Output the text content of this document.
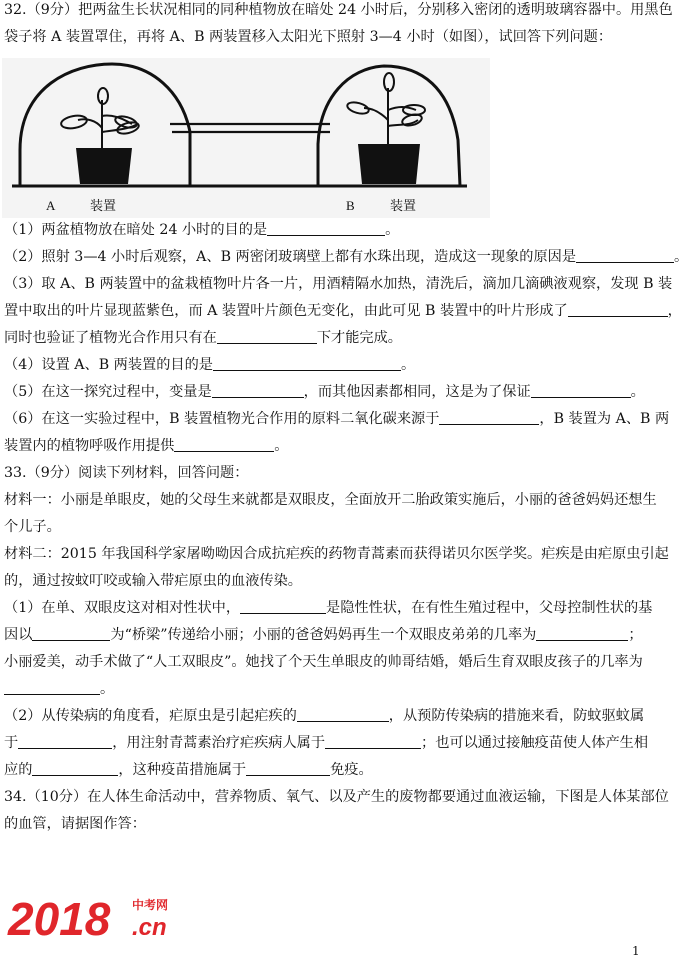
32.（9分）把两盆生长状况相同的同种植物放在暗处 24 小时后，分别移入密闭的透明玻璃容器中。用黑色
袋子将 A 装置罩住，再将 A、B 两装置移入太阳光下照射 3—4 小时（如图），试回答下列问题：
A	装置	B	装置
（1）两盆植物放在暗处 24 小时的目的是	。
（2）照射 3—4 小时后观察，A、B 两密闭玻璃壁上都有水珠出现，造成这一现象的原因是	。
（3）取 A、B 两装置中的盆栽植物叶片各一片，用酒精隔水加热，清洗后，滴加几滴碘液观察，发现 B 装
置中取出的叶片显现蓝紫色，而 A 装置叶片颜色无变化，由此可见 B 装置中的叶片形成了	，
同时也验证了植物光合作用只有在	下才能完成。
（4）设置 A、B 两装置的目的是	。
（5）在这一探究过程中，变量是	，而其他因素都相同，这是为了保证	。
（6）在这一实验过程中，B 装置植物光合作用的原料二氧化碳来源于	，B 装置为 A、B 两
装置内的植物呼吸作用提供	。
33.（9分）阅读下列材料，回答问题：
材料一：小丽是单眼皮，她的父母生来就都是双眼皮，全面放开二胎政策实施后，小丽的爸爸妈妈还想生
个儿子。
材料二：2015 年我国科学家屠呦呦因合成抗疟疾的药物青蒿素而获得诺贝尔医学奖。疟疾是由疟原虫引起
的，通过按蚊叮咬或输入带疟原虫的血液传染。
（1）在单、双眼皮这对相对性状中，	是隐性性状，在有性生殖过程中，父母控制性状的基
因以	为“桥梁”传递给小丽；小丽的爸爸妈妈再生一个双眼皮弟弟的几率为	；
小丽爱美，动手术做了“人工双眼皮”。她找了个天生单眼皮的帅哥结婚，婚后生育双眼皮孩子的几率为
。
（2）从传染病的角度看，疟原虫是引起疟疾的	，从预防传染病的措施来看，防蚊驱蚊属
于	，用注射青蒿素治疗疟疾病人属于	；也可以通过接触疫苗使人体产生相
应的	，这种疫苗措施属于	免疫。
34.（10分）在人体生命活动中，营养物质、氧气、以及产生的废物都要通过血液运输，下图是人体某部位
的血管，请据图作答：
2018 中考网
.cn
1
